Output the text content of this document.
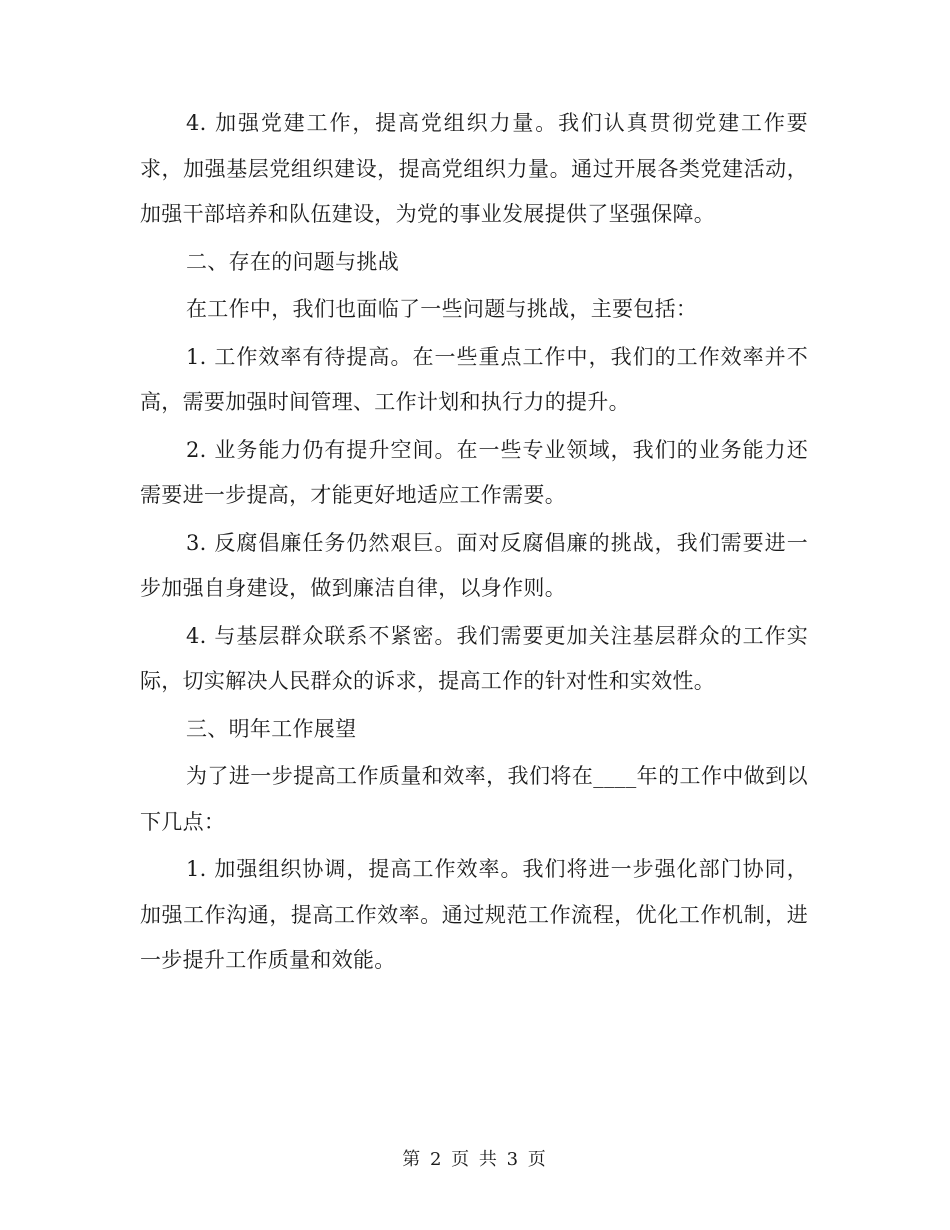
4. 加强党建工作，提高党组织力量。我们认真贯彻党建工作要求，加强基层党组织建设，提高党组织力量。通过开展各类党建活动，加强干部培养和队伍建设，为党的事业发展提供了坚强保障。

二、存在的问题与挑战

在工作中，我们也面临了一些问题与挑战，主要包括：

1. 工作效率有待提高。在一些重点工作中，我们的工作效率并不高，需要加强时间管理、工作计划和执行力的提升。

2. 业务能力仍有提升空间。在一些专业领域，我们的业务能力还需要进一步提高，才能更好地适应工作需要。

3. 反腐倡廉任务仍然艰巨。面对反腐倡廉的挑战，我们需要进一步加强自身建设，做到廉洁自律，以身作则。

4. 与基层群众联系不紧密。我们需要更加关注基层群众的工作实际，切实解决人民群众的诉求，提高工作的针对性和实效性。

三、明年工作展望

为了进一步提高工作质量和效率，我们将在____年的工作中做到以下几点：

1. 加强组织协调，提高工作效率。我们将进一步强化部门协同，加强工作沟通，提高工作效率。通过规范工作流程，优化工作机制，进一步提升工作质量和效能。

第 2 页 共 3 页
